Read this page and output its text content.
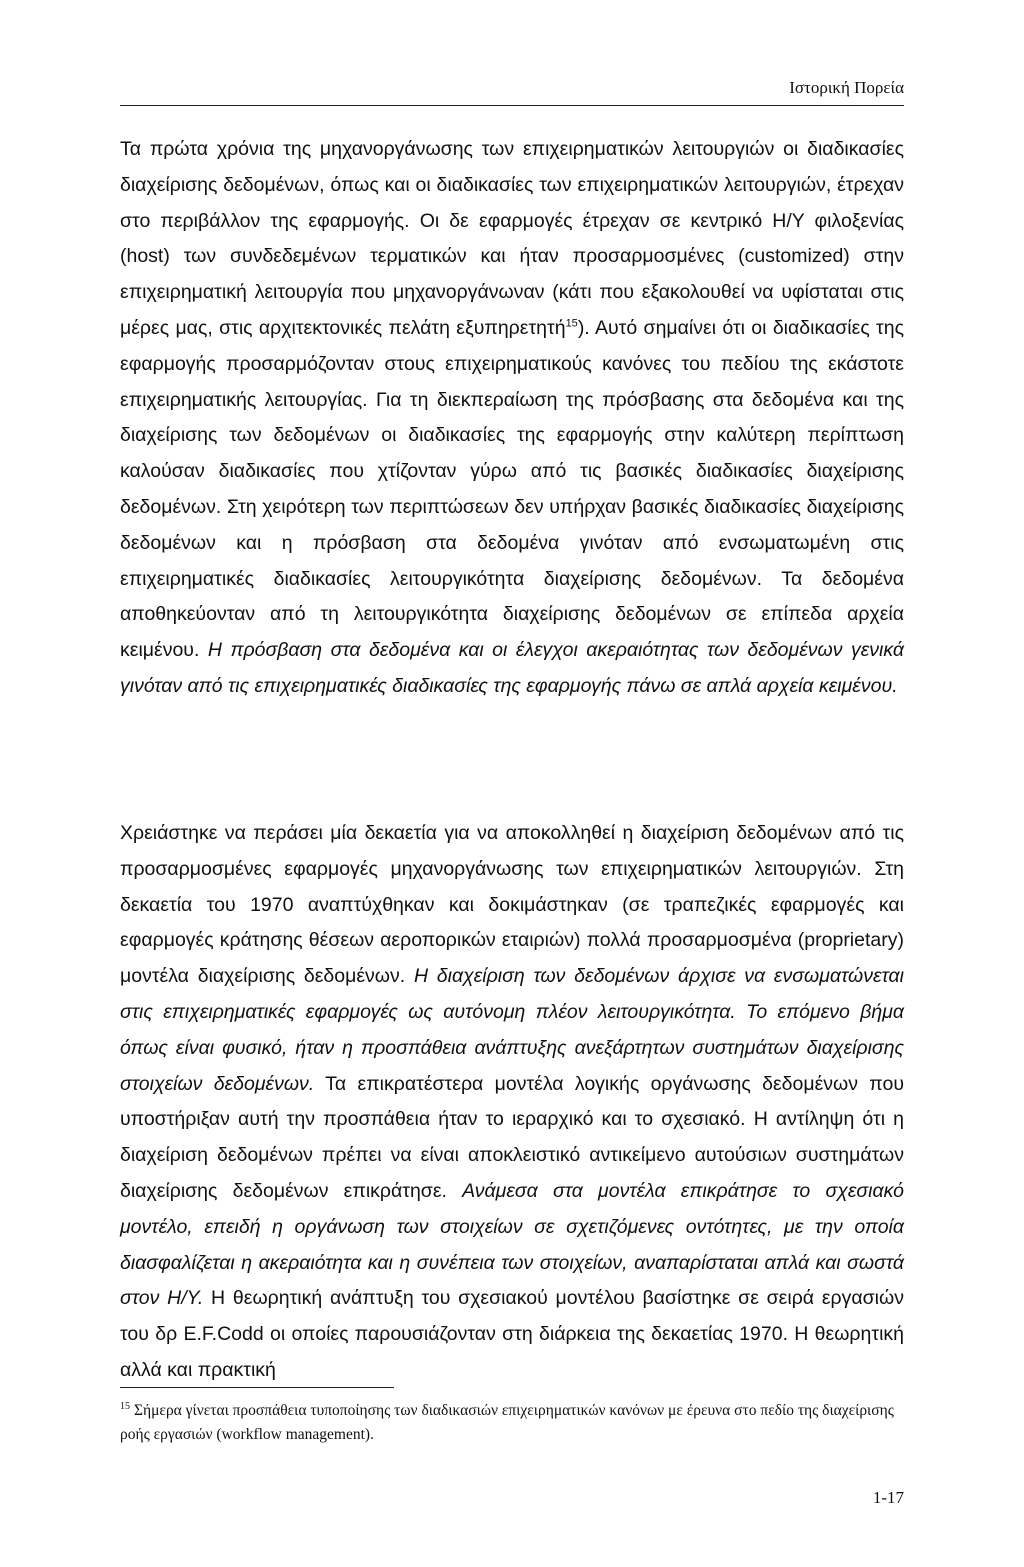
Ιστορική Πορεία

Τα πρώτα χρόνια της μηχανοργάνωσης των επιχειρηματικών λειτουργιών οι διαδικασίες διαχείρισης δεδομένων, όπως και οι διαδικασίες των επιχειρηματικών λειτουργιών, έτρεχαν στο περιβάλλον της εφαρμογής. Οι δε εφαρμογές έτρεχαν σε κεντρικό Η/Υ φιλοξενίας (host) των συνδεδεμένων τερματικών και ήταν προσαρμοσμένες (customized) στην επιχειρηματική λειτουργία που μηχανοργάνωναν (κάτι που εξακολουθεί να υφίσταται στις μέρες μας, στις αρχιτεκτονικές πελάτη εξυπηρετητή$^{15}$). Αυτό σημαίνει ότι οι διαδικασίες της εφαρμογής προσαρμόζονταν στους επιχειρηματικούς κανόνες του πεδίου της εκάστοτε επιχειρηματικής λειτουργίας. Για τη διεκπεραίωση της πρόσβασης στα δεδομένα και της διαχείρισης των δεδομένων οι διαδικασίες της εφαρμογής στην καλύτερη περίπτωση καλούσαν διαδικασίες που χτίζονταν γύρω από τις βασικές διαδικασίες διαχείρισης δεδομένων. Στη χειρότερη των περιπτώσεων δεν υπήρχαν βασικές διαδικασίες διαχείρισης δεδομένων και η πρόσβαση στα δεδομένα γινόταν από ενσωματωμένη στις επιχειρηματικές διαδικασίες λειτουργικότητα διαχείρισης δεδομένων. Τα δεδομένα αποθηκεύονταν από τη λειτουργικότητα διαχείρισης δεδομένων σε επίπεδα αρχεία κειμένου. Η πρόσβαση στα δεδομένα και οι έλεγχοι ακεραιότητας των δεδομένων γενικά γινόταν από τις επιχειρηματικές διαδικασίες της εφαρμογής πάνω σε απλά αρχεία κειμένου.

Χρειάστηκε να περάσει μία δεκαετία για να αποκολληθεί η διαχείριση δεδομένων από τις προσαρμοσμένες εφαρμογές μηχανοργάνωσης των επιχειρηματικών λειτουργιών. Στη δεκαετία του 1970 αναπτύχθηκαν και δοκιμάστηκαν (σε τραπεζικές εφαρμογές και εφαρμογές κράτησης θέσεων αεροπορικών εταιριών) πολλά προσαρμοσμένα (proprietary) μοντέλα διαχείρισης δεδομένων. Η διαχείριση των δεδομένων άρχισε να ενσωματώνεται στις επιχειρηματικές εφαρμογές ως αυτόνομη πλέον λειτουργικότητα. Το επόμενο βήμα όπως είναι φυσικό, ήταν η προσπάθεια ανάπτυξης ανεξάρτητων συστημάτων διαχείρισης στοιχείων δεδομένων. Τα επικρατέστερα μοντέλα λογικής οργάνωσης δεδομένων που υποστήριξαν αυτή την προσπάθεια ήταν το ιεραρχικό και το σχεσιακό. Η αντίληψη ότι η διαχείριση δεδομένων πρέπει να είναι αποκλειστικό αντικείμενο αυτούσιων συστημάτων διαχείρισης δεδομένων επικράτησε. Ανάμεσα στα μοντέλα επικράτησε το σχεσιακό μοντέλο, επειδή η οργάνωση των στοιχείων σε σχετιζόμενες οντότητες, με την οποία διασφαλίζεται η ακεραιότητα και η συνέπεια των στοιχείων, αναπαρίσταται απλά και σωστά στον Η/Υ. Η θεωρητική ανάπτυξη του σχεσιακού μοντέλου βασίστηκε σε σειρά εργασιών του δρ E.F.Codd οι οποίες παρουσιάζονταν στη διάρκεια της δεκαετίας 1970. Η θεωρητική αλλά και πρακτική

$^{15}$ Σήμερα γίνεται προσπάθεια τυποποίησης των διαδικασιών επιχειρηματικών κανόνων με έρευνα στο πεδίο της διαχείρισης ροής εργασιών (workflow management).

1-17
